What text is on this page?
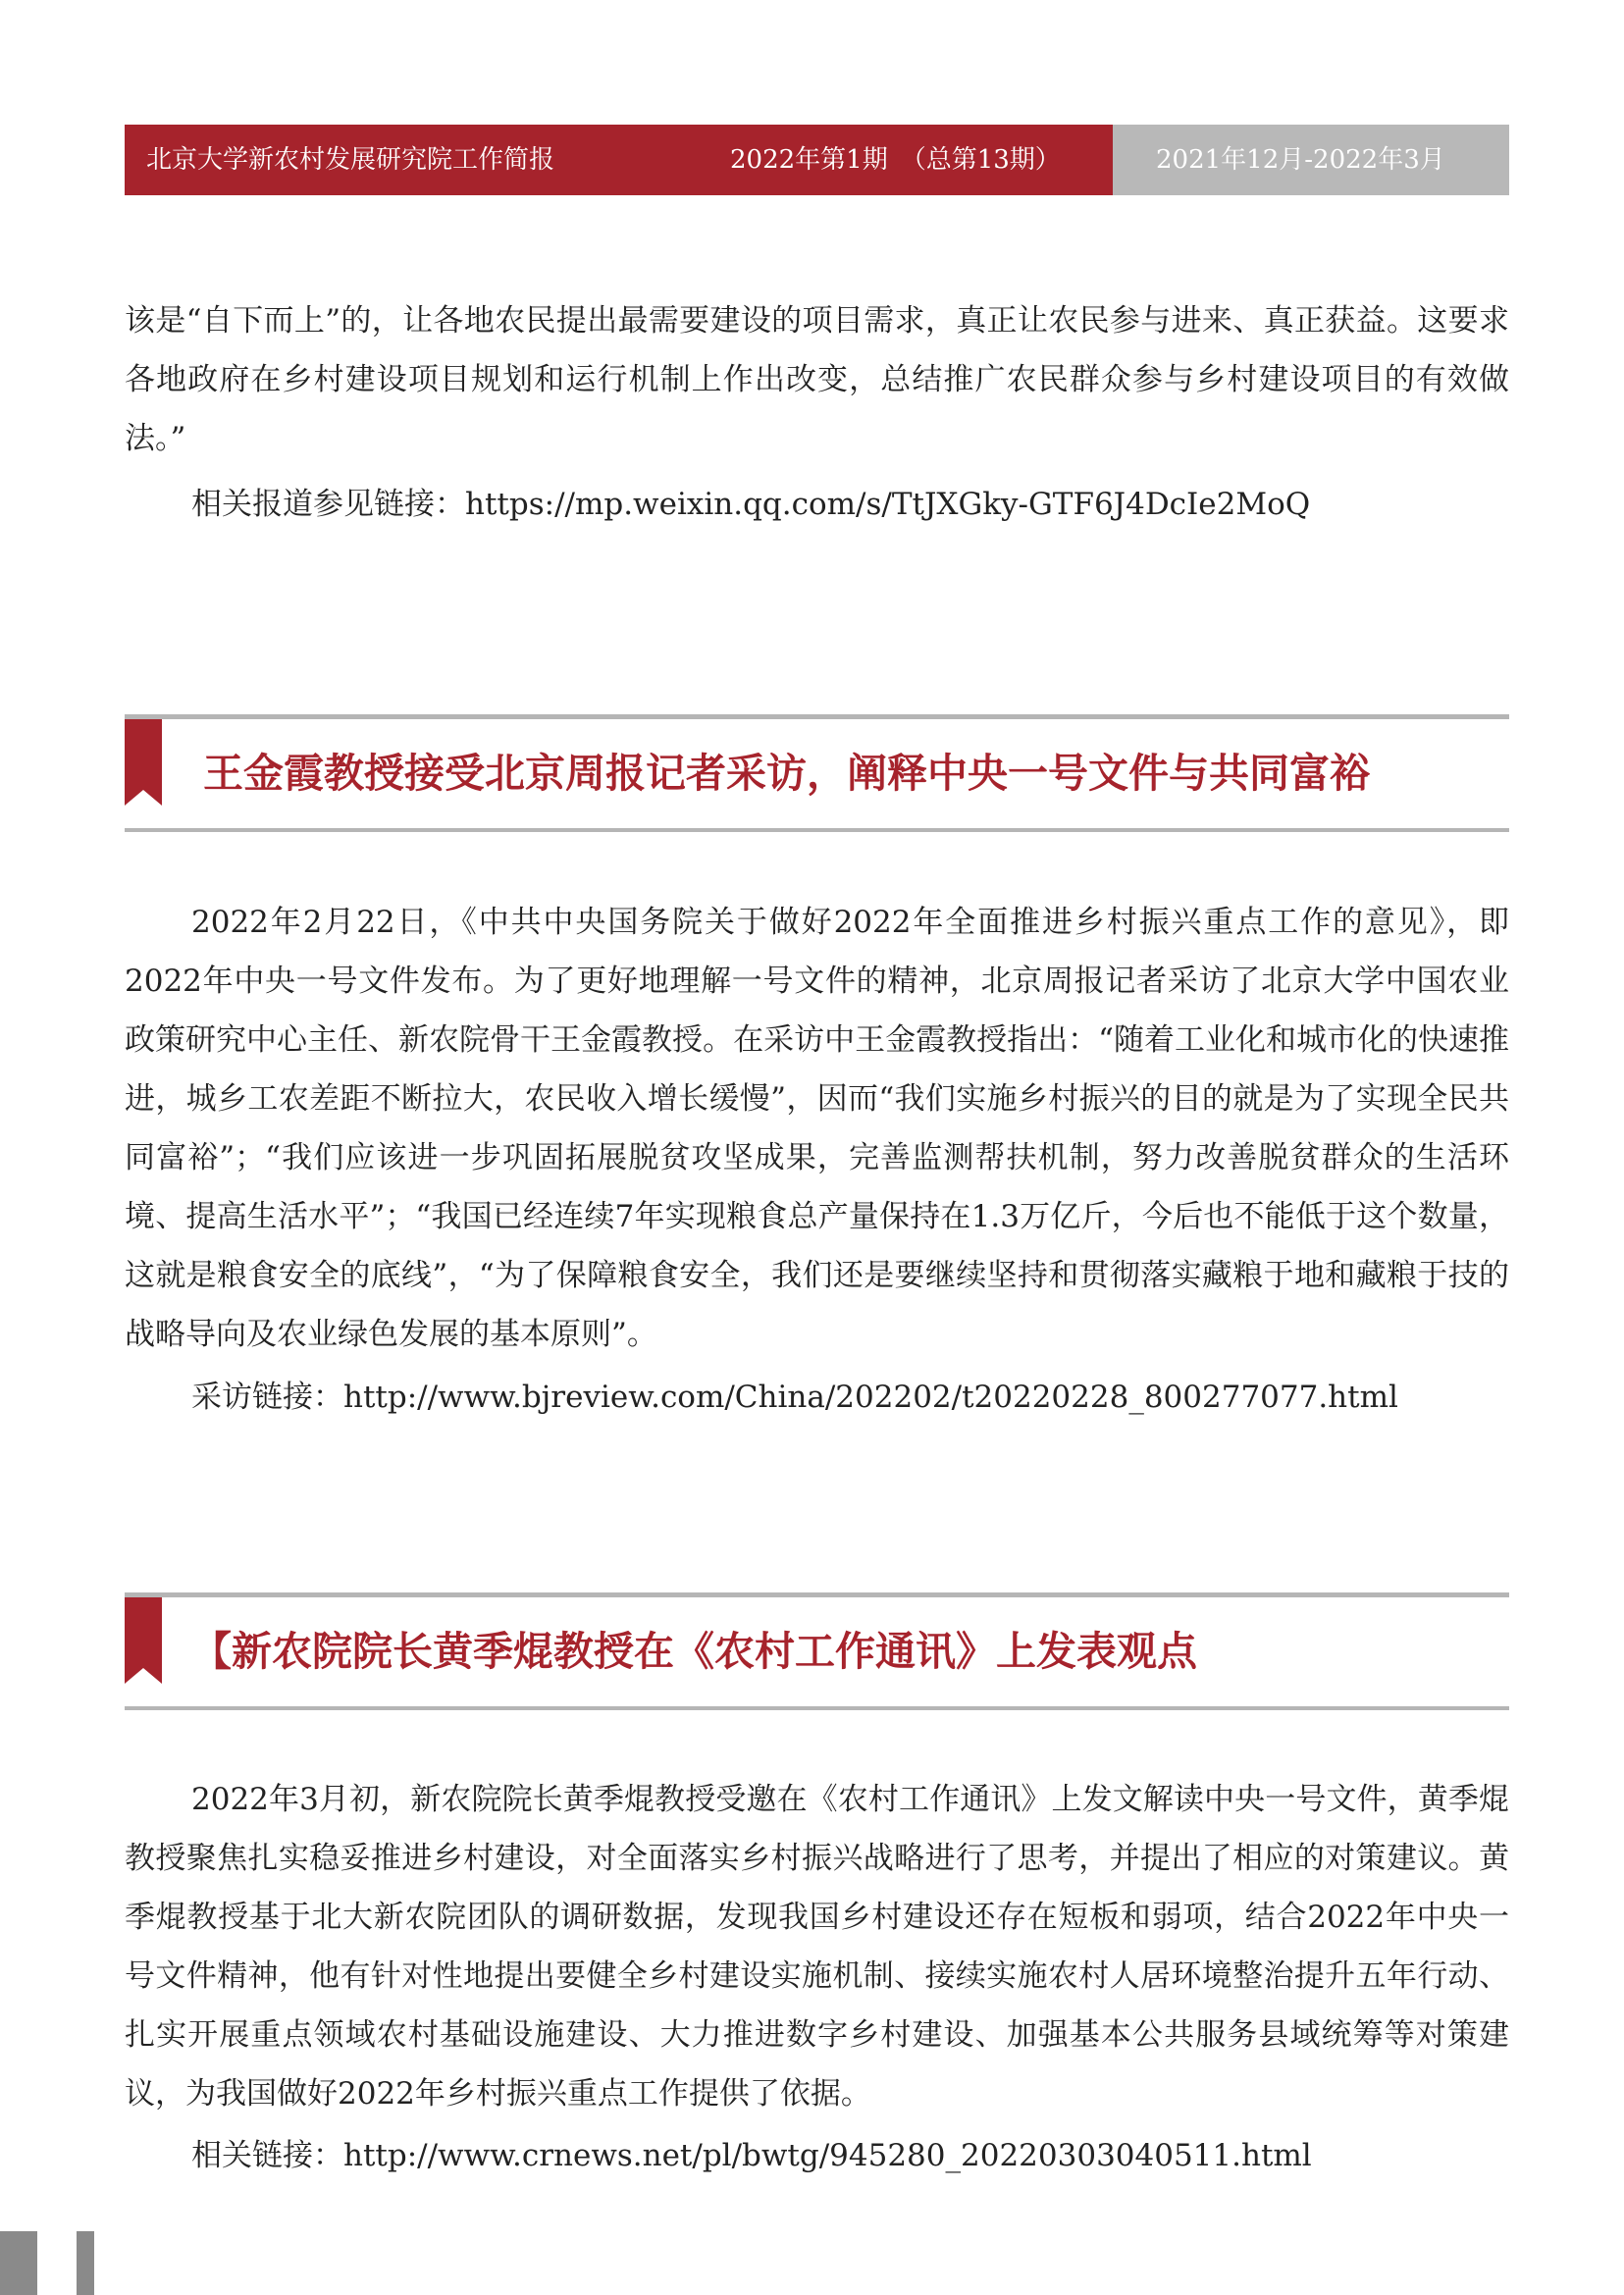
北京大学新农村发展研究院工作简报	2022年第1期　（总第13期）	2021年12月-2022年3月

该是“自下而上”的，让各地农民提出最需要建设的项目需求，真正让农民参与进来、真正获益。这要求各地政府在乡村建设项目规划和运行机制上作出改变，总结推广农民群众参与乡村建设项目的有效做法。”

相关报道参见链接：https://mp.weixin.qq.com/s/TtJXGky-GTF6J4DcIe2MoQ

王金霞教授接受北京周报记者采访，阐释中央一号文件与共同富裕

2022年2月22日，《中共中央国务院关于做好2022年全面推进乡村振兴重点工作的意见》，即2022年中央一号文件发布。为了更好地理解一号文件的精神，北京周报记者采访了北京大学中国农业政策研究中心主任、新农院骨干王金霞教授。在采访中王金霞教授指出：“随着工业化和城市化的快速推进，城乡工农差距不断拉大，农民收入增长缓慢”，因而“我们实施乡村振兴的目的就是为了实现全民共同富裕”；“我们应该进一步巩固拓展脱贫攻坚成果，完善监测帮扶机制，努力改善脱贫群众的生活环境、提高生活水平”；“我国已经连续7年实现粮食总产量保持在1.3万亿斤，今后也不能低于这个数量，这就是粮食安全的底线”，“为了保障粮食安全，我们还是要继续坚持和贯彻落实藏粮于地和藏粮于技的战略导向及农业绿色发展的基本原则”。

采访链接：http://www.bjreview.com/China/202202/t20220228_800277077.html

【新农院院长黄季焜教授在《农村工作通讯》上发表观点

2022年3月初，新农院院长黄季焜教授受邀在《农村工作通讯》上发文解读中央一号文件，黄季焜教授聚焦扎实稳妥推进乡村建设，对全面落实乡村振兴战略进行了思考，并提出了相应的对策建议。黄季焜教授基于北大新农院团队的调研数据，发现我国乡村建设还存在短板和弱项，结合2022年中央一号文件精神，他有针对性地提出要健全乡村建设实施机制、接续实施农村人居环境整治提升五年行动、扎实开展重点领域农村基础设施建设、大力推进数字乡村建设、加强基本公共服务县域统筹等对策建议，为我国做好2022年乡村振兴重点工作提供了依据。

相关链接：http://www.crnews.net/pl/bwtg/945280_20220303040511.html
